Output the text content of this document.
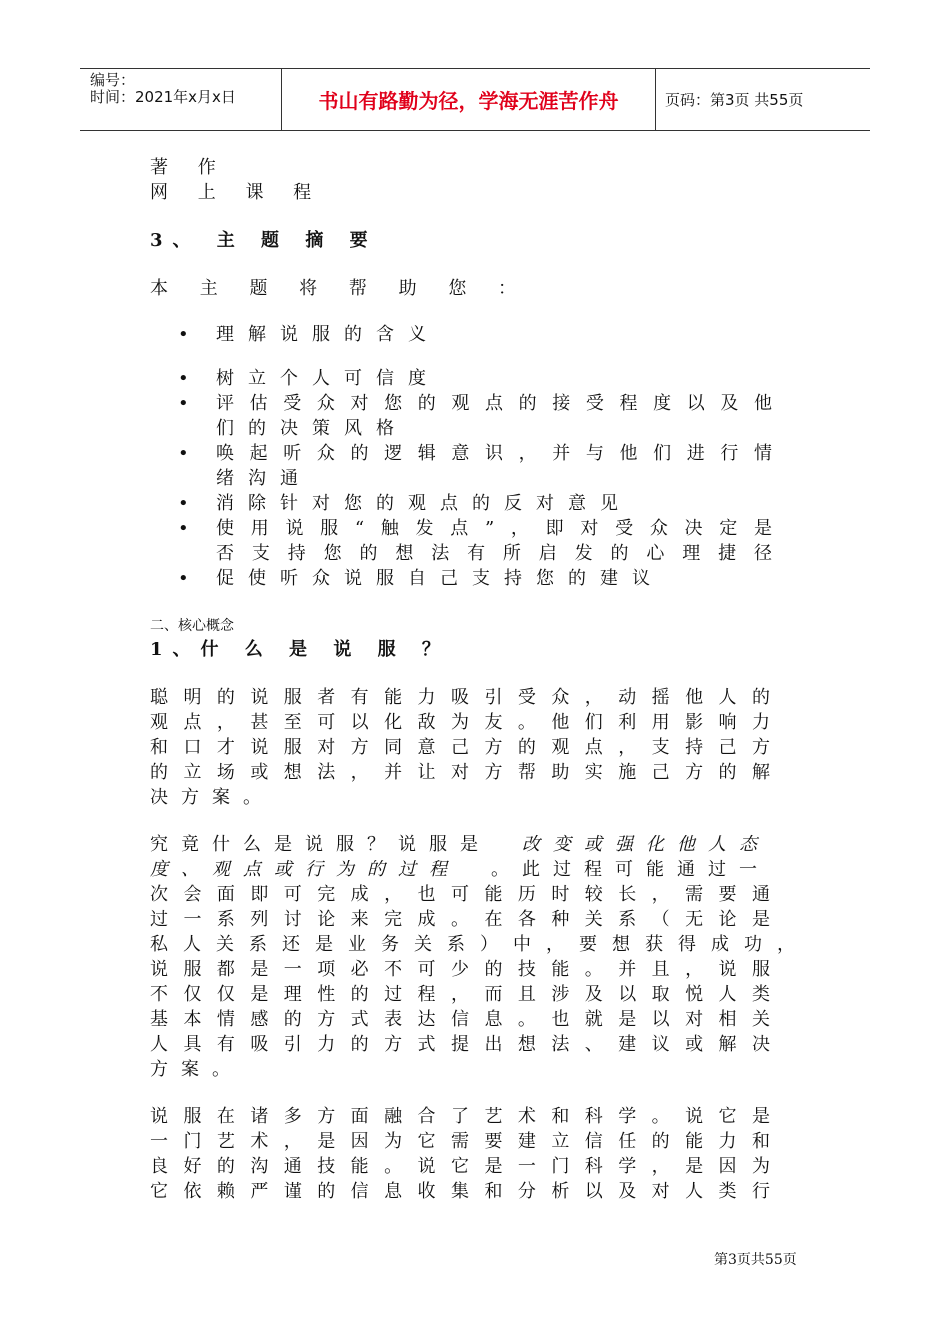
编号：
时间：2021年x月x日	书山有路勤为径，学海无涯苦作舟	页码：第3页 共55页
著 作
网 上 课 程
3、 主 题 摘 要
本 主 题 将 帮 助 您 ：
• 理解说服的含义
• 树立个人可信度
• 评估受众对您的观点的接受程度以及他
们的决策风格
• 唤起听众的逻辑意识，并与他们进行情
绪沟通
• 消除针对您的观点的反对意见
• 使用说服“触发点”，即对受众决定是
否支持您的想法有所启发的心理捷径
• 促使听众说服自己支持您的建议
二、核心概念
1、什 么 是 说 服 ？
聪明的说服者有能力吸引受众，动摇他人的
观点，甚至可以化敌为友。他们利用影响力
和口才说服对方同意己方的观点，支持己方
的立场或想法，并让对方帮助实施己方的解
决方案。
究竟什么是说服？说服是 改变或强化他人态
度、观点或行为的过程 。此过程可能通过一
次会面即可完成，也可能历时较长，需要通
过一系列讨论来完成。在各种关系（无论是
私人关系还是业务关系）中，要想获得成功，
说服都是一项必不可少的技能。并且，说服
不仅仅是理性的过程，而且涉及以取悦人类
基本情感的方式表达信息。也就是以对相关
人具有吸引力的方式提出想法、建议或解决
方案。
说服在诸多方面融合了艺术和科学。说它是
一门艺术，是因为它需要建立信任的能力和
良好的沟通技能。说它是一门科学，是因为
它依赖严谨的信息收集和分析以及对人类行
第3页共55页
